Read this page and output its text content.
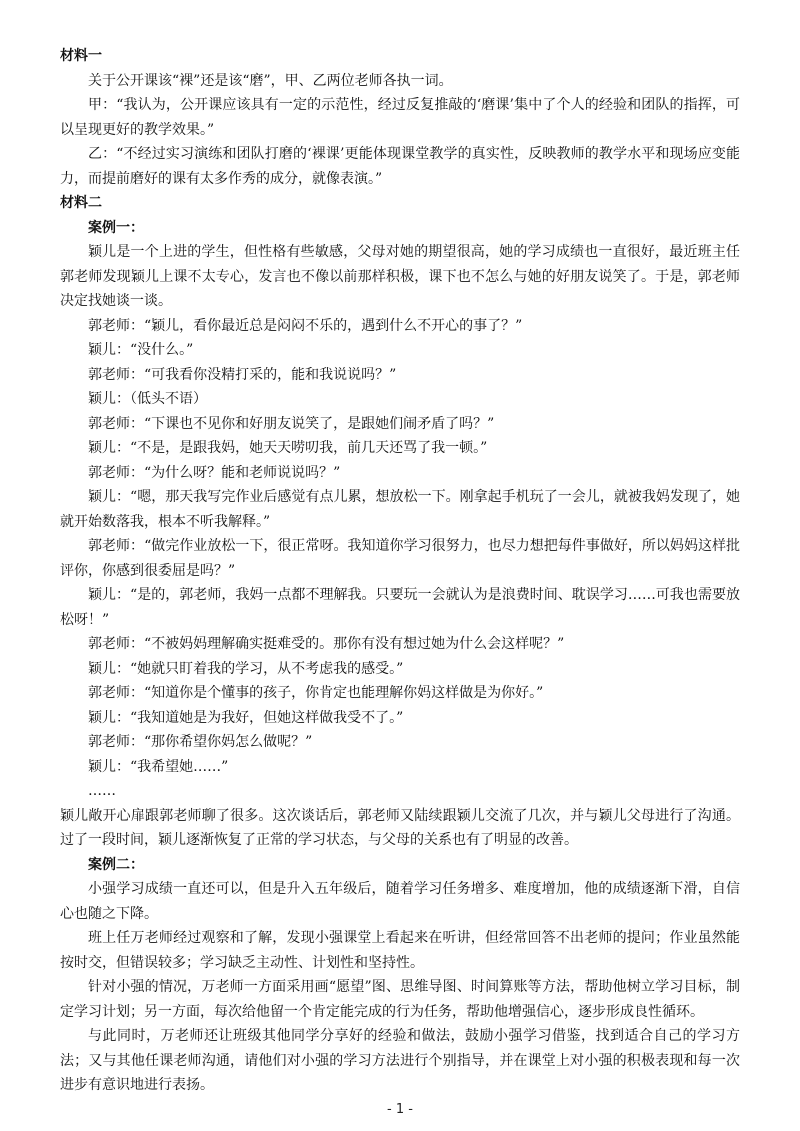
材料一

关于公开课该“裸”还是该“磨”，甲、乙两位老师各执一词。

甲：“我认为，公开课应该具有一定的示范性，经过反复推敲的‘磨课’集中了个人的经验和团队的指挥，可以呈现更好的教学效果。”

乙：“不经过实习演练和团队打磨的‘裸课’更能体现课堂教学的真实性，反映教师的教学水平和现场应变能力，而提前磨好的课有太多作秀的成分，就像表演。”

材料二

案例一：

颖儿是一个上进的学生，但性格有些敏感，父母对她的期望很高，她的学习成绩也一直很好，最近班主任郭老师发现颖儿上课不太专心，发言也不像以前那样积极，课下也不怎么与她的好朋友说笑了。于是，郭老师决定找她谈一谈。

郭老师：“颖儿，看你最近总是闷闷不乐的，遇到什么不开心的事了？”

颖儿：“没什么。”

郭老师：“可我看你没精打采的，能和我说说吗？”

颖儿：（低头不语）

郭老师：“下课也不见你和好朋友说笑了，是跟她们闹矛盾了吗？”

颖儿：“不是，是跟我妈，她天天唠叨我，前几天还骂了我一顿。”

郭老师：“为什么呀？能和老师说说吗？”

颖儿：“嗯，那天我写完作业后感觉有点儿累，想放松一下。刚拿起手机玩了一会儿，就被我妈发现了，她就开始数落我，根本不听我解释。”

郭老师：“做完作业放松一下，很正常呀。我知道你学习很努力，也尽力想把每件事做好，所以妈妈这样批评你，你感到很委屈是吗？”

颖儿：“是的，郭老师，我妈一点都不理解我。只要玩一会就认为是浪费时间、耽误学习……可我也需要放松呀！”

郭老师：“不被妈妈理解确实挺难受的。那你有没有想过她为什么会这样呢？”

颖儿：“她就只盯着我的学习，从不考虑我的感受。”

郭老师：“知道你是个懂事的孩子，你肯定也能理解你妈这样做是为你好。”

颖儿：“我知道她是为我好，但她这样做我受不了。”

郭老师：“那你希望你妈怎么做呢？”

颖儿：“我希望她……”

……

颖儿敞开心扉跟郭老师聊了很多。这次谈话后，郭老师又陆续跟颖儿交流了几次，并与颖儿父母进行了沟通。过了一段时间，颖儿逐渐恢复了正常的学习状态，与父母的关系也有了明显的改善。

案例二：

小强学习成绩一直还可以，但是升入五年级后，随着学习任务增多、难度增加，他的成绩逐渐下滑，自信心也随之下降。

班上任万老师经过观察和了解，发现小强课堂上看起来在听讲，但经常回答不出老师的提问；作业虽然能按时交，但错误较多；学习缺乏主动性、计划性和坚持性。

针对小强的情况，万老师一方面采用画“愿望”图、思维导图、时间算账等方法，帮助他树立学习目标，制定学习计划；另一方面，每次给他留一个肯定能完成的行为任务，帮助他增强信心，逐步形成良性循环。

与此同时，万老师还让班级其他同学分享好的经验和做法，鼓励小强学习借鉴，找到适合自己的学习方法；又与其他任课老师沟通，请他们对小强的学习方法进行个别指导，并在课堂上对小强的积极表现和每一次进步有意识地进行表扬。

- 1 -
